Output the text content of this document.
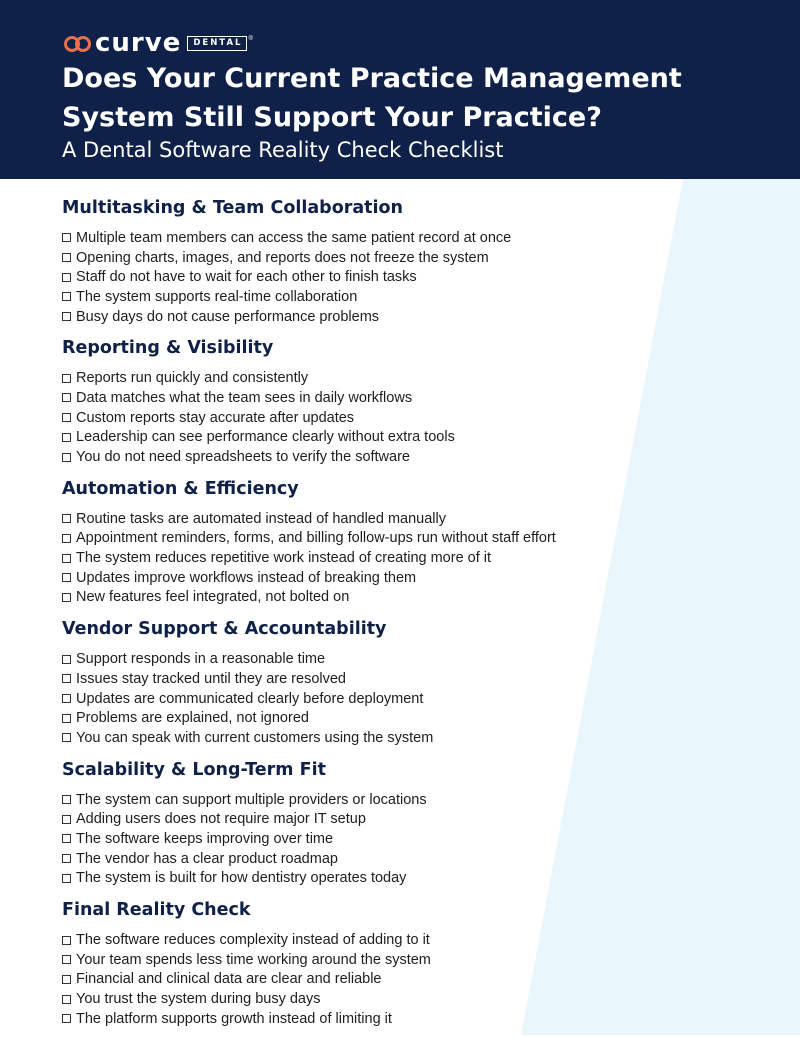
curve	DENTAL	®
Does Your Current Practice Management System Still Support Your Practice?

A Dental Software Reality Check Checklist

Multitasking & Team Collaboration
Multiple team members can access the same patient record at once
Opening charts, images, and reports does not freeze the system
Staff do not have to wait for each other to finish tasks
The system supports real-time collaboration
Busy days do not cause performance problems
Reporting & Visibility
Reports run quickly and consistently
Data matches what the team sees in daily workflows
Custom reports stay accurate after updates
Leadership can see performance clearly without extra tools
You do not need spreadsheets to verify the software
Automation & Efficiency
Routine tasks are automated instead of handled manually
Appointment reminders, forms, and billing follow-ups run without staff effort
The system reduces repetitive work instead of creating more of it
Updates improve workflows instead of breaking them
New features feel integrated, not bolted on
Vendor Support & Accountability
Support responds in a reasonable time
Issues stay tracked until they are resolved
Updates are communicated clearly before deployment
Problems are explained, not ignored
You can speak with current customers using the system
Scalability & Long-Term Fit
The system can support multiple providers or locations
Adding users does not require major IT setup
The software keeps improving over time
The vendor has a clear product roadmap
The system is built for how dentistry operates today
Final Reality Check
The software reduces complexity instead of adding to it
Your team spends less time working around the system
Financial and clinical data are clear and reliable
You trust the system during busy days
The platform supports growth instead of limiting it
